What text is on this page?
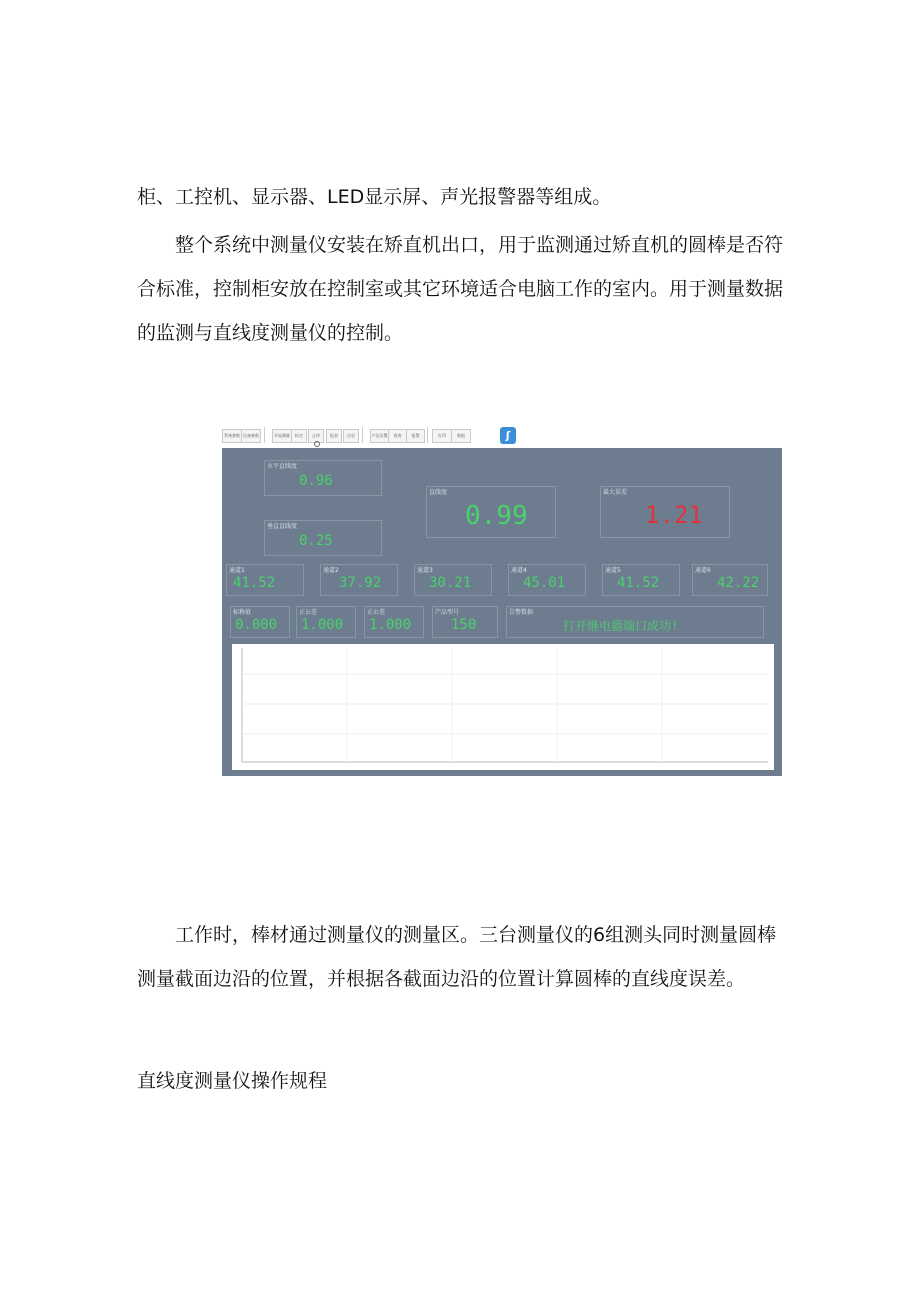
柜、工控机、显示器、LED显示屏、声光报警器等组成。

整个系统中测量仪安装在矫直机出口，用于监测通过矫直机的圆棒是否符合标准，控制柜安放在控制室或其它环境适合电脑工作的室内。用于测量数据的监测与直线度测量仪的控制。

系统参数 设备参数	开始测量	标定	止停	报表	历史	产品设置	查询	报警	打印	数据	ʃ
水平直线度
0.96
垂直直线度
0.25
直线度
0.99
最大误差
1.21
通道1
41.52
通道2
37.92
通道3
30.21
通道4
45.01
通道5
41.52
通道6
42.22
标称值
0.000
正公差
1.000
正公差
1.000
产品型号
150
告警数据
打开继电器端口成功!

工作时，棒材通过测量仪的测量区。三台测量仪的6组测头同时测量圆棒测量截面边沿的位置，并根据各截面边沿的位置计算圆棒的直线度误差。

直线度测量仪操作规程
